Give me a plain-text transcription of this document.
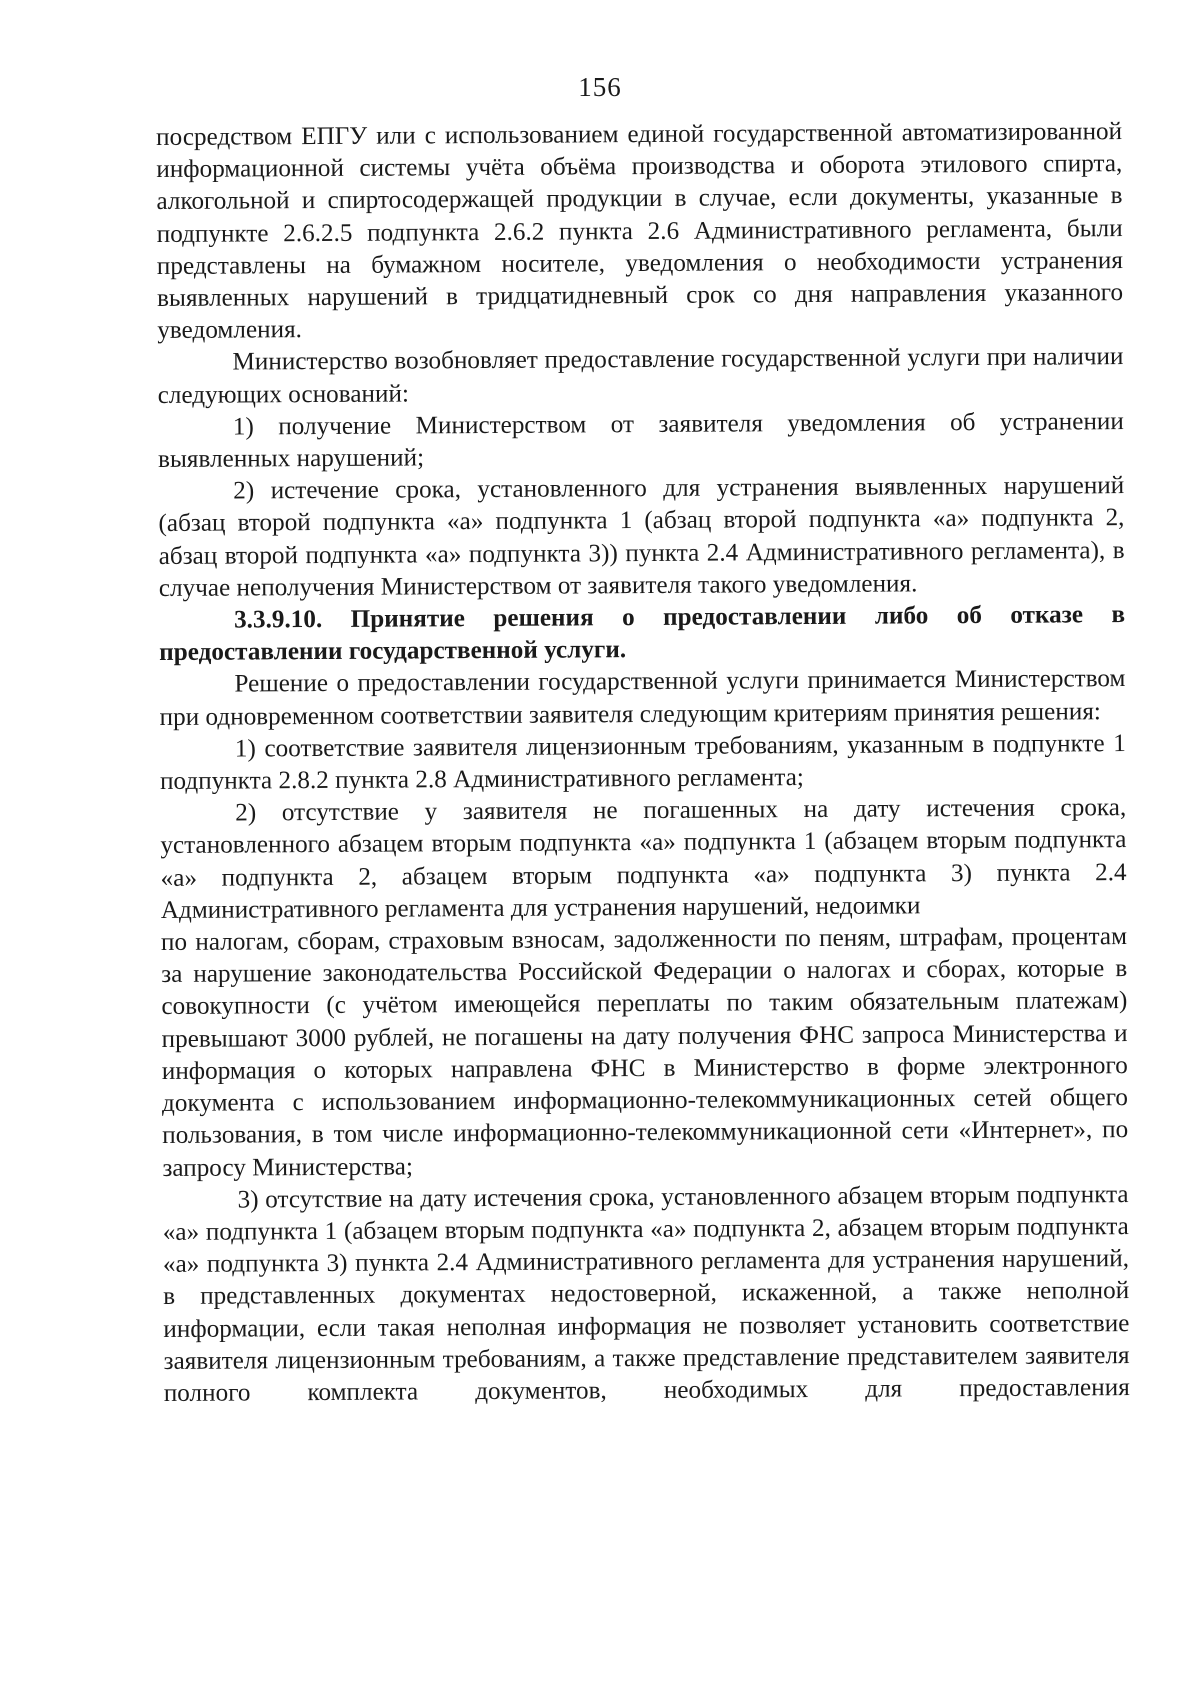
156

посредством ЕПГУ или с использованием единой государственной автоматизированной информационной системы учёта объёма производства и оборота этилового спирта, алкогольной и спиртосодержащей продукции в случае, если документы, указанные в подпункте 2.6.2.5 подпункта 2.6.2 пункта 2.6 Административного регламента, были представлены на бумажном носителе, уведомления о необходимости устранения выявленных нарушений в тридцатидневный срок со дня направления указанного уведомления.

Министерство возобновляет предоставление государственной услуги при наличии следующих оснований:

1) получение Министерством от заявителя уведомления об устранении выявленных нарушений;

2) истечение срока, установленного для устранения выявленных нарушений (абзац второй подпункта «а» подпункта 1 (абзац второй подпункта «а» подпункта 2, абзац второй подпункта «а» подпункта 3)) пункта 2.4 Административного регламента), в случае неполучения Министерством от заявителя такого уведомления.

3.3.9.10. Принятие решения о предоставлении либо об отказе в предоставлении государственной услуги.

Решение о предоставлении государственной услуги принимается Министерством при одновременном соответствии заявителя следующим критериям принятия решения:

1) соответствие заявителя лицензионным требованиям, указанным в подпункте 1 подпункта 2.8.2 пункта 2.8 Административного регламента;

2) отсутствие у заявителя не погашенных на дату истечения срока, установленного абзацем вторым подпункта «а» подпункта 1 (абзацем вторым подпункта «а» подпункта 2, абзацем вторым подпункта «а» подпункта 3) пункта 2.4 Административного регламента для устранения нарушений, недоимки

по налогам, сборам, страховым взносам, задолженности по пеням, штрафам, процентам за нарушение законодательства Российской Федерации о налогах и сборах, которые в совокупности (с учётом имеющейся переплаты по таким обязательным платежам) превышают 3000 рублей, не погашены на дату получения ФНС запроса Министерства и информация о которых направлена ФНС в Министерство в форме электронного документа с использованием информационно-телекоммуникационных сетей общего пользования, в том числе информационно-телекоммуникационной сети «Интернет», по запросу Министерства;

3) отсутствие на дату истечения срока, установленного абзацем вторым подпункта «а» подпункта 1 (абзацем вторым подпункта «а» подпункта 2, абзацем вторым подпункта «а» подпункта 3) пункта 2.4 Административного регламента для устранения нарушений, в представленных документах недостоверной, искаженной, а также неполной информации, если такая неполная информация не позволяет установить соответствие заявителя лицензионным требованиям, а также представление представителем заявителя полного комплекта документов, необходимых для предоставления
